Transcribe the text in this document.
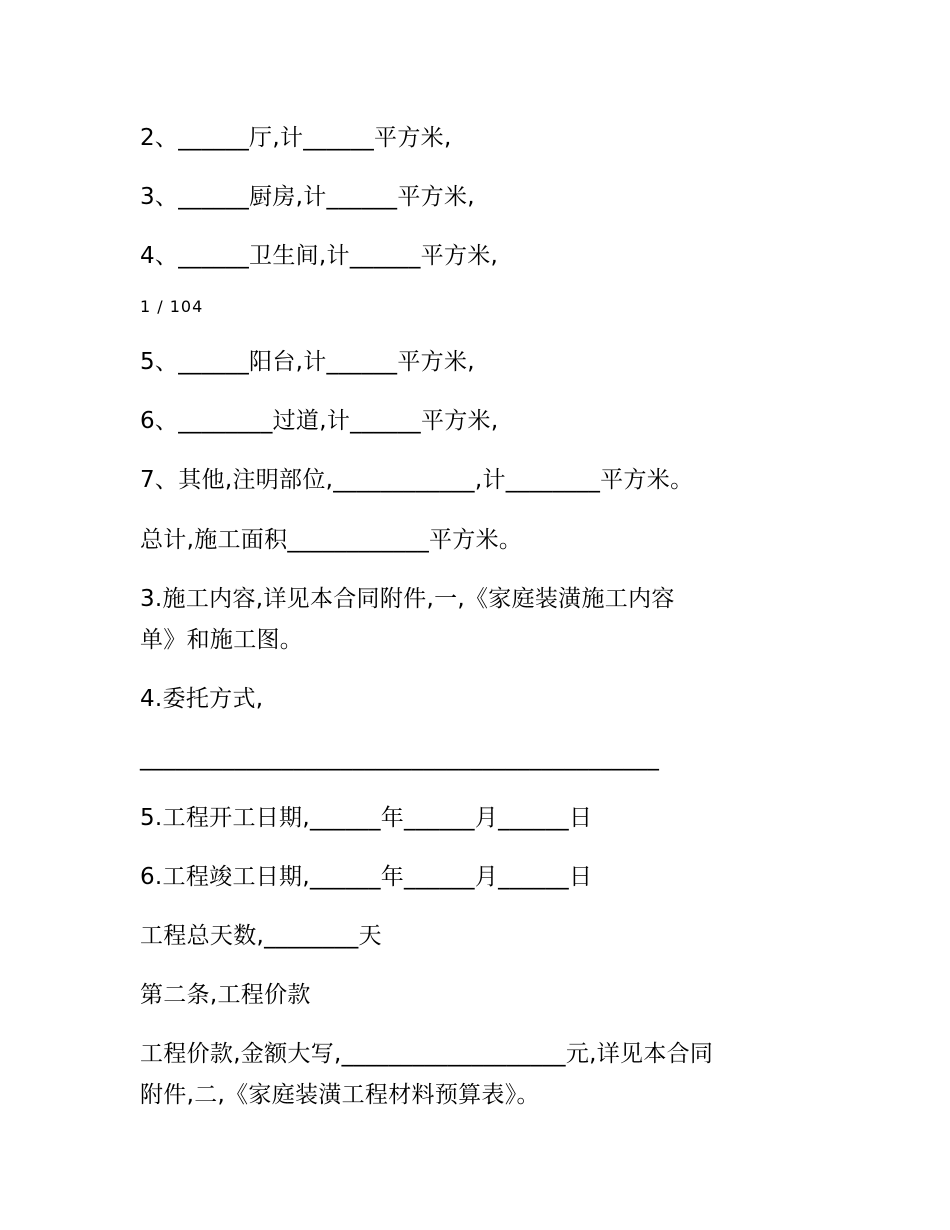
2、______厅,计______平方米,
3、______厨房,计______平方米,
4、______卫生间,计______平方米,
1 / 104
5、______阳台,计______平方米,
6、________过道,计______平方米,
7、其他,注明部位,____________,计________平方米。
总计,施工面积____________平方米。
3.施工内容,详见本合同附件,一,《家庭装潢施工内容
单》和施工图。
4.委托方式,
____________________________________________
5.工程开工日期,______年______月______日
6.工程竣工日期,______年______月______日
工程总天数,________天
第二条,工程价款
工程价款,金额大写,___________________元,详见本合同
附件,二,《家庭装潢工程材料预算表》。
